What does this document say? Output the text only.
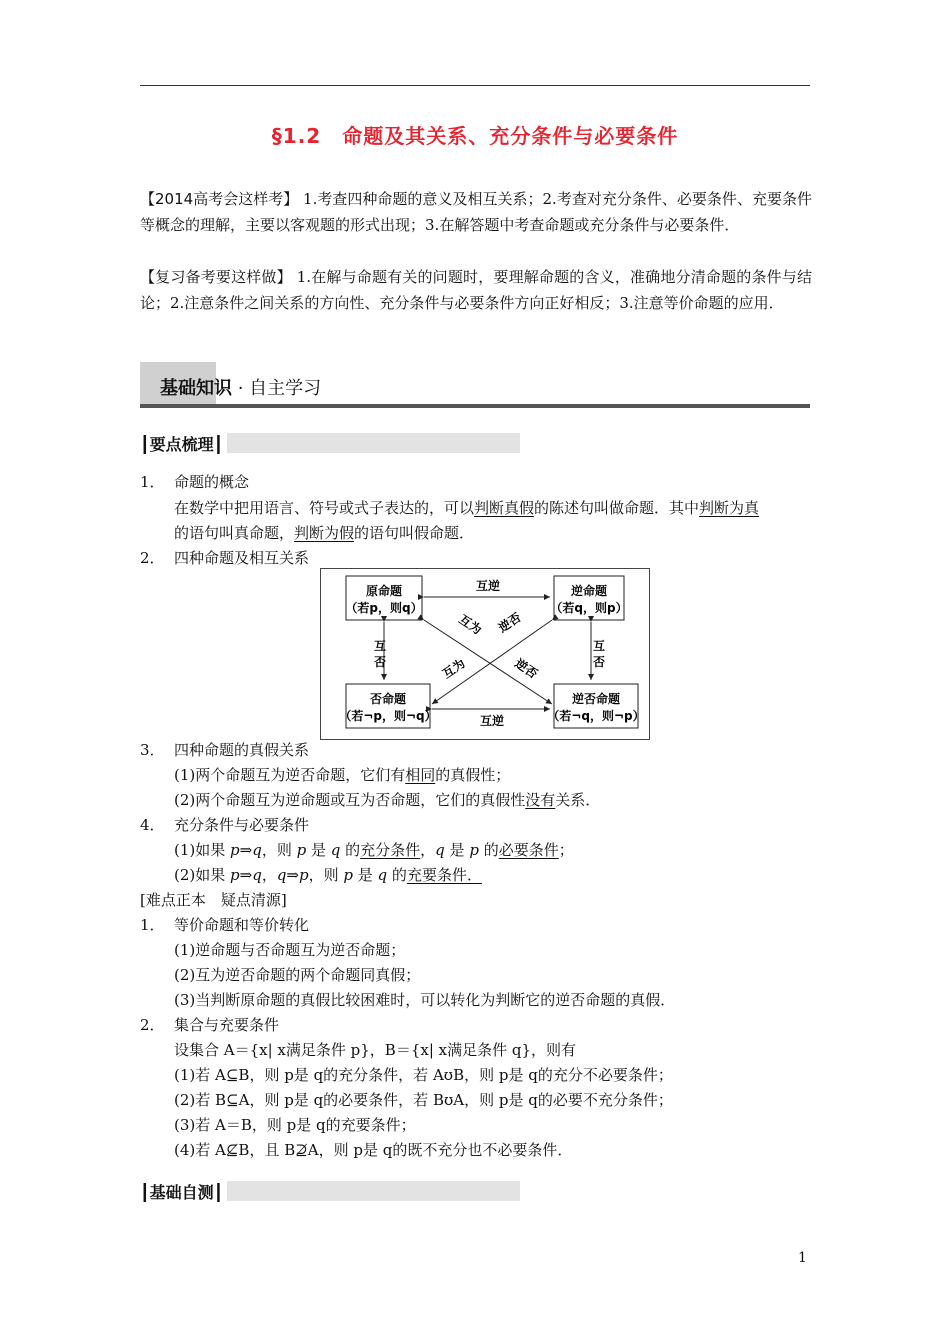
§1.2　命题及其关系、充分条件与必要条件
【2014高考会这样考】 1.考查四种命题的意义及相互关系；2.考查对充分条件、必要条件、充要条件等概念的理解，主要以客观题的形式出现；3.在解答题中考查命题或充分条件与必要条件．
【复习备考要这样做】 1.在解与命题有关的问题时，要理解命题的含义，准确地分清命题的条件与结论；2.注意条件之间关系的方向性、充分条件与必要条件方向正好相反；3.注意等价命题的应用．
基础知识 · 自主学习
┃要点梳理┃
1． 命题的概念
在数学中把用语言、符号或式子表达的，可以判断真假的陈述句叫做命题．其中判断为真
的语句叫真命题，判断为假的语句叫假命题．
2． 四种命题及相互关系
原命题
（若p，则q）
逆命题
（若q，则p）
否命题
（若¬p，则¬q）
逆否命题
（若¬q，则¬p）
互逆
互逆
互
否
互
否
互为 逆否
互为	逆否
3． 四种命题的真假关系
(1)两个命题互为逆否命题，它们有相同的真假性；
(2)两个命题互为逆命题或互为否命题，它们的真假性没有关系．
4． 充分条件与必要条件
(1)如果 p⇒q，则 p 是 q 的充分条件，q 是 p 的必要条件；
(2)如果 p⇒q，q⇒p，则 p 是 q 的充要条件．
[难点正本　疑点清源]
1． 等价命题和等价转化
(1)逆命题与否命题互为逆否命题；
(2)互为逆否命题的两个命题同真假；
(3)当判断原命题的真假比较困难时，可以转化为判断它的逆否命题的真假．
2． 集合与充要条件
设集合 A＝{x| x满足条件 p}，B＝{x| x满足条件 q}，则有
(1)若 A⊆B，则 p是 q的充分条件，若 AʊB，则 p是 q的充分不必要条件；
(2)若 B⊆A，则 p是 q的必要条件，若 BʊA，则 p是 q的必要不充分条件；
(3)若 A＝B，则 p是 q的充要条件；
(4)若 A⊈B，且 B⊉A，则 p是 q的既不充分也不必要条件．
┃基础自测┃
1
